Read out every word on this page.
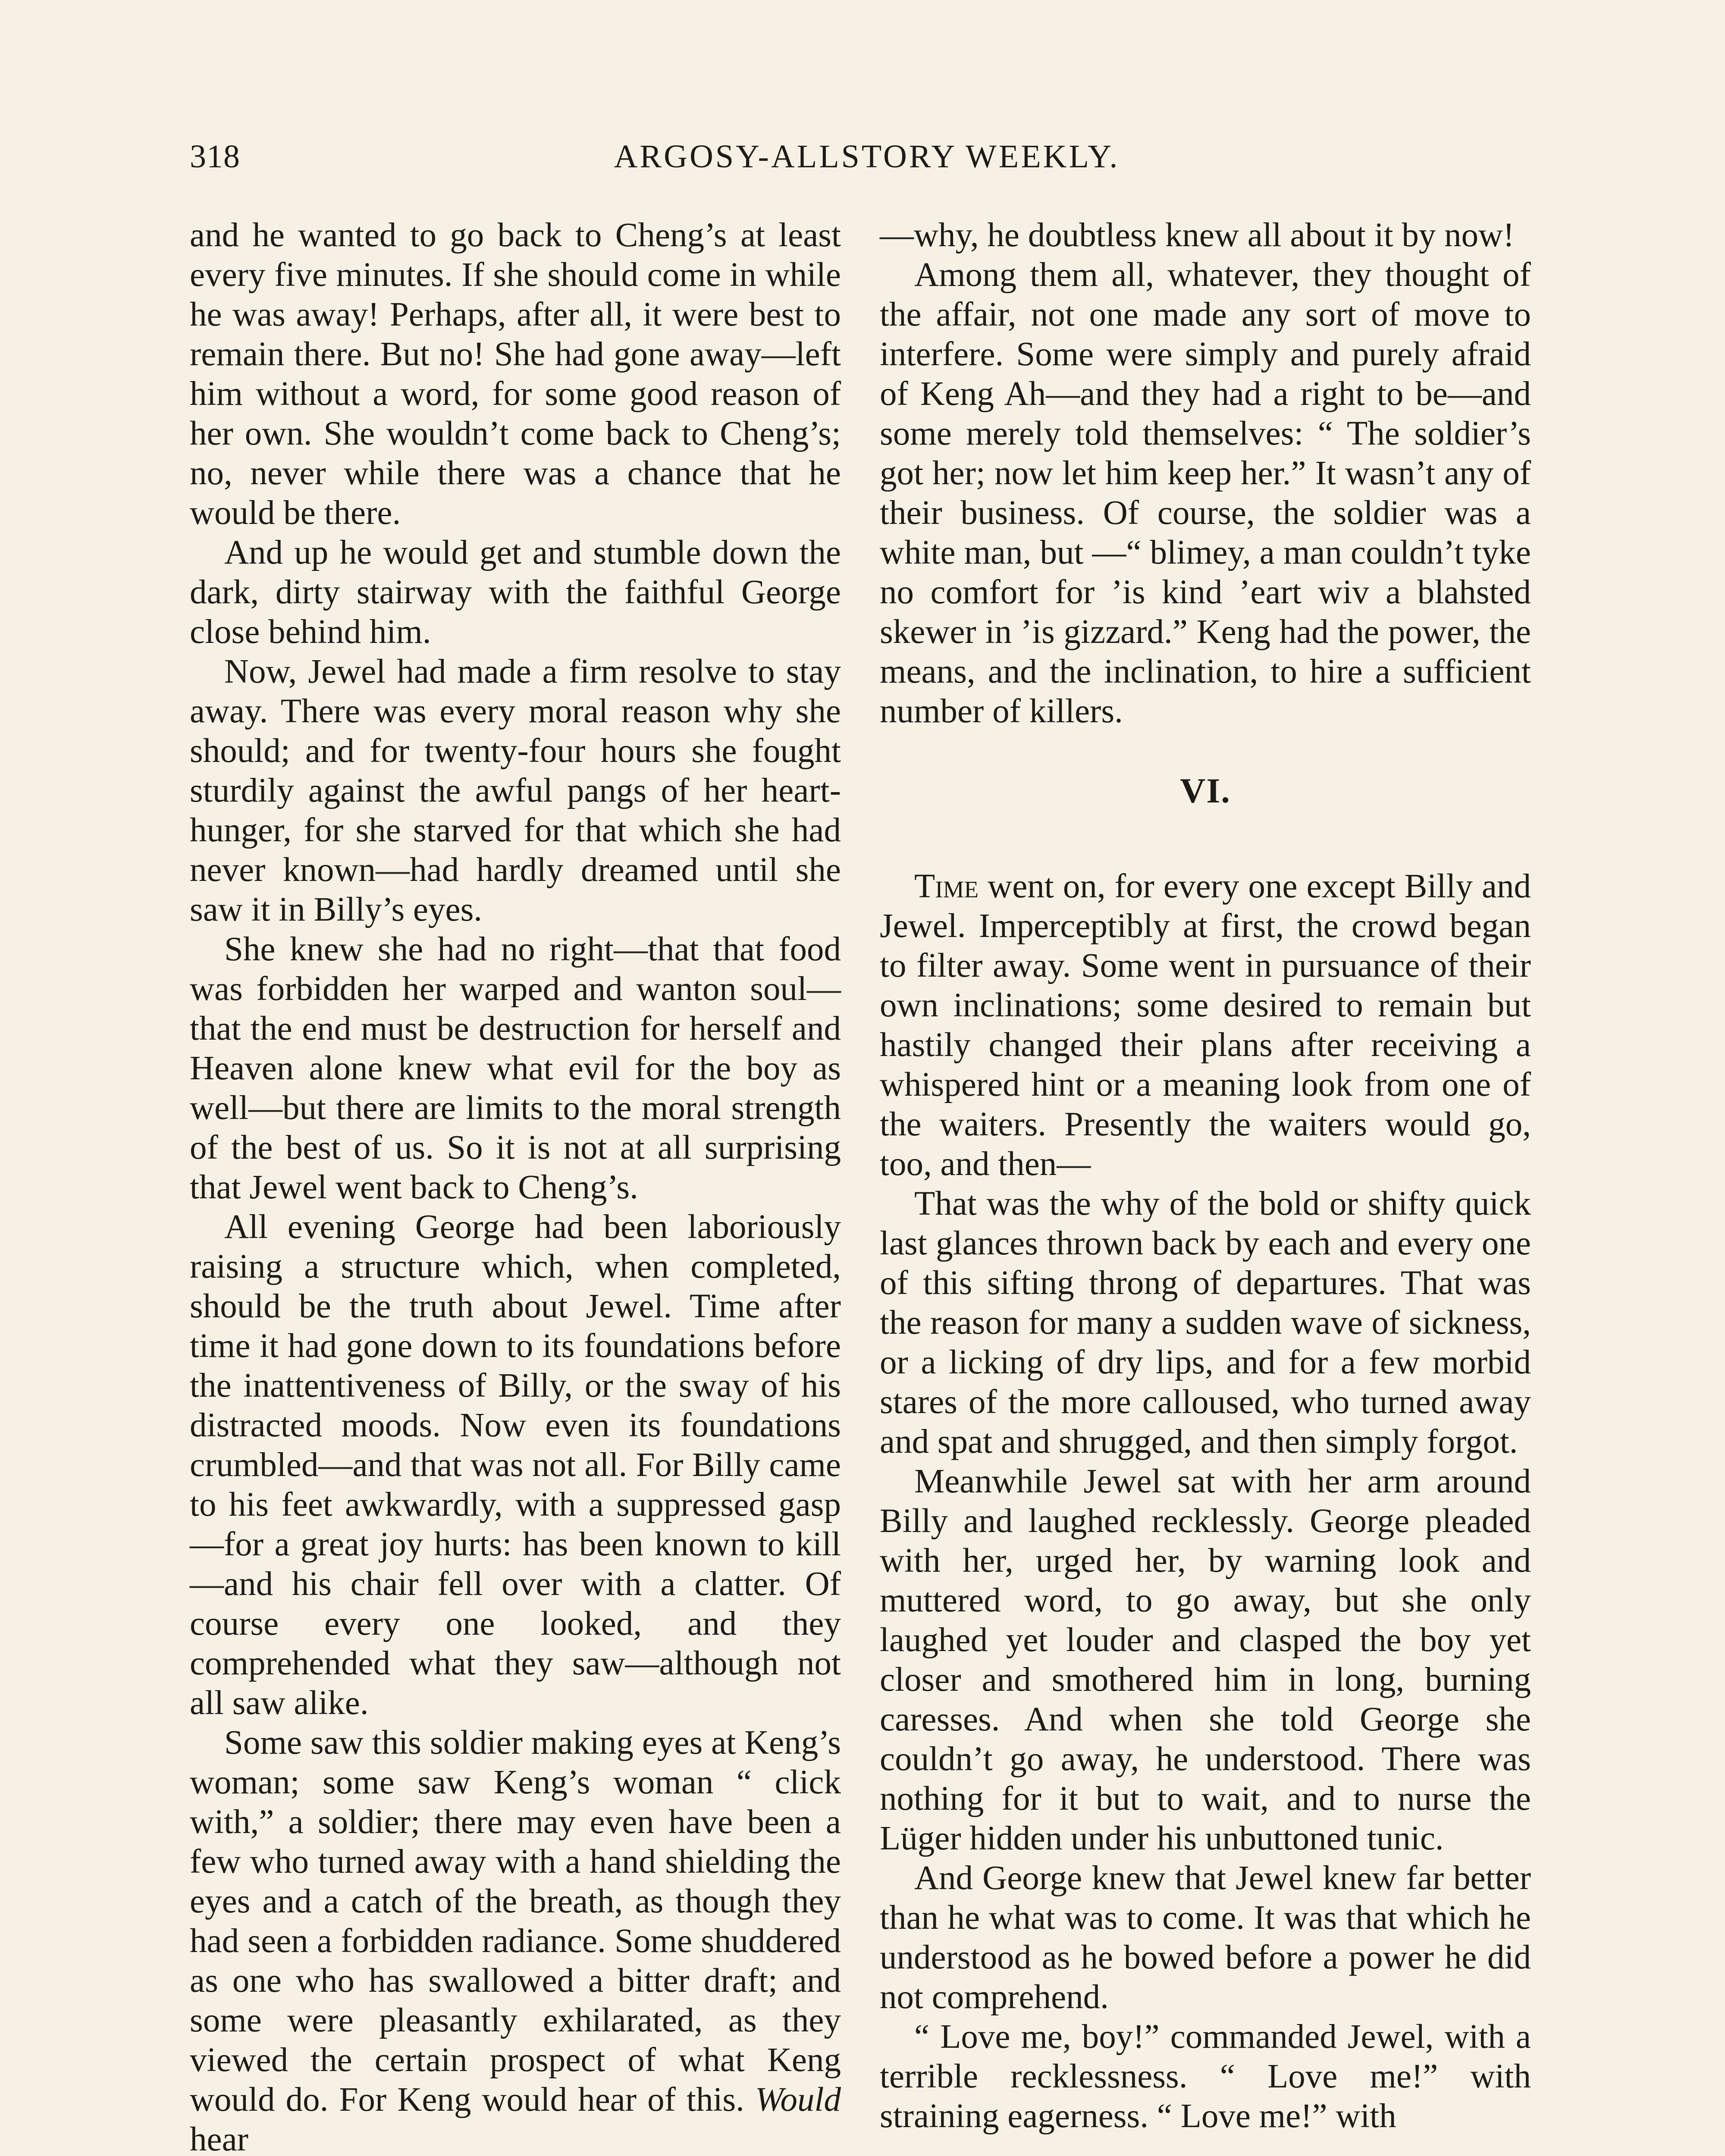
318	ARGOSY-ALLSTORY WEEKLY.

and he wanted to go back to Cheng’s at least every five minutes. If she should come in while he was away! Perhaps, after all, it were best to remain there. But no! She had gone away—left him without a word, for some good reason of her own. She wouldn’t come back to Cheng’s; no, never while there was a chance that he would be there.

And up he would get and stumble down the dark, dirty stairway with the faithful George close behind him.

Now, Jewel had made a firm resolve to stay away. There was every moral reason why she should; and for twenty-four hours she fought sturdily against the awful pangs of her heart-hunger, for she starved for that which she had never known—had hardly dreamed until she saw it in Billy’s eyes.

She knew she had no right—that that food was forbidden her warped and wanton soul—that the end must be destruction for herself and Heaven alone knew what evil for the boy as well—but there are limits to the moral strength of the best of us. So it is not at all surprising that Jewel went back to Cheng’s.

All evening George had been laboriously raising a structure which, when completed, should be the truth about Jewel. Time after time it had gone down to its foundations before the inattentiveness of Billy, or the sway of his distracted moods. Now even its foundations crumbled—and that was not all. For Billy came to his feet awkwardly, with a suppressed gasp—for a great joy hurts: has been known to kill—and his chair fell over with a clatter. Of course every one looked, and they comprehended what they saw—although not all saw alike.

Some saw this soldier making eyes at Keng’s woman; some saw Keng’s woman “ click with,” a soldier; there may even have been a few who turned away with a hand shielding the eyes and a catch of the breath, as though they had seen a forbidden radiance. Some shuddered as one who has swallowed a bitter draft; and some were pleasantly exhilarated, as they viewed the certain prospect of what Keng would do. For Keng would hear of this. Would hear

—why, he doubtless knew all about it by now!

Among them all, whatever, they thought of the affair, not one made any sort of move to interfere. Some were simply and purely afraid of Keng Ah—and they had a right to be—and some merely told themselves: “ The soldier’s got her; now let him keep her.” It wasn’t any of their business. Of course, the soldier was a white man, but —“ blimey, a man couldn’t tyke no comfort for ’is kind ’eart wiv a blahsted skewer in ’is gizzard.” Keng had the power, the means, and the inclination, to hire a sufficient number of killers.

VI.

Time went on, for every one except Billy and Jewel. Imperceptibly at first, the crowd began to filter away. Some went in pursuance of their own inclinations; some desired to remain but hastily changed their plans after receiving a whispered hint or a meaning look from one of the waiters. Presently the waiters would go, too, and then—

That was the why of the bold or shifty quick last glances thrown back by each and every one of this sifting throng of departures. That was the reason for many a sudden wave of sickness, or a licking of dry lips, and for a few morbid stares of the more calloused, who turned away and spat and shrugged, and then simply forgot.

Meanwhile Jewel sat with her arm around Billy and laughed recklessly. George pleaded with her, urged her, by warning look and muttered word, to go away, but she only laughed yet louder and clasped the boy yet closer and smothered him in long, burning caresses. And when she told George she couldn’t go away, he understood. There was nothing for it but to wait, and to nurse the Lüger hidden under his unbuttoned tunic.

And George knew that Jewel knew far better than he what was to come. It was that which he understood as he bowed before a power he did not comprehend.

“ Love me, boy!” commanded Jewel, with a terrible recklessness. “ Love me!” with straining eagerness. “ Love me!” with
